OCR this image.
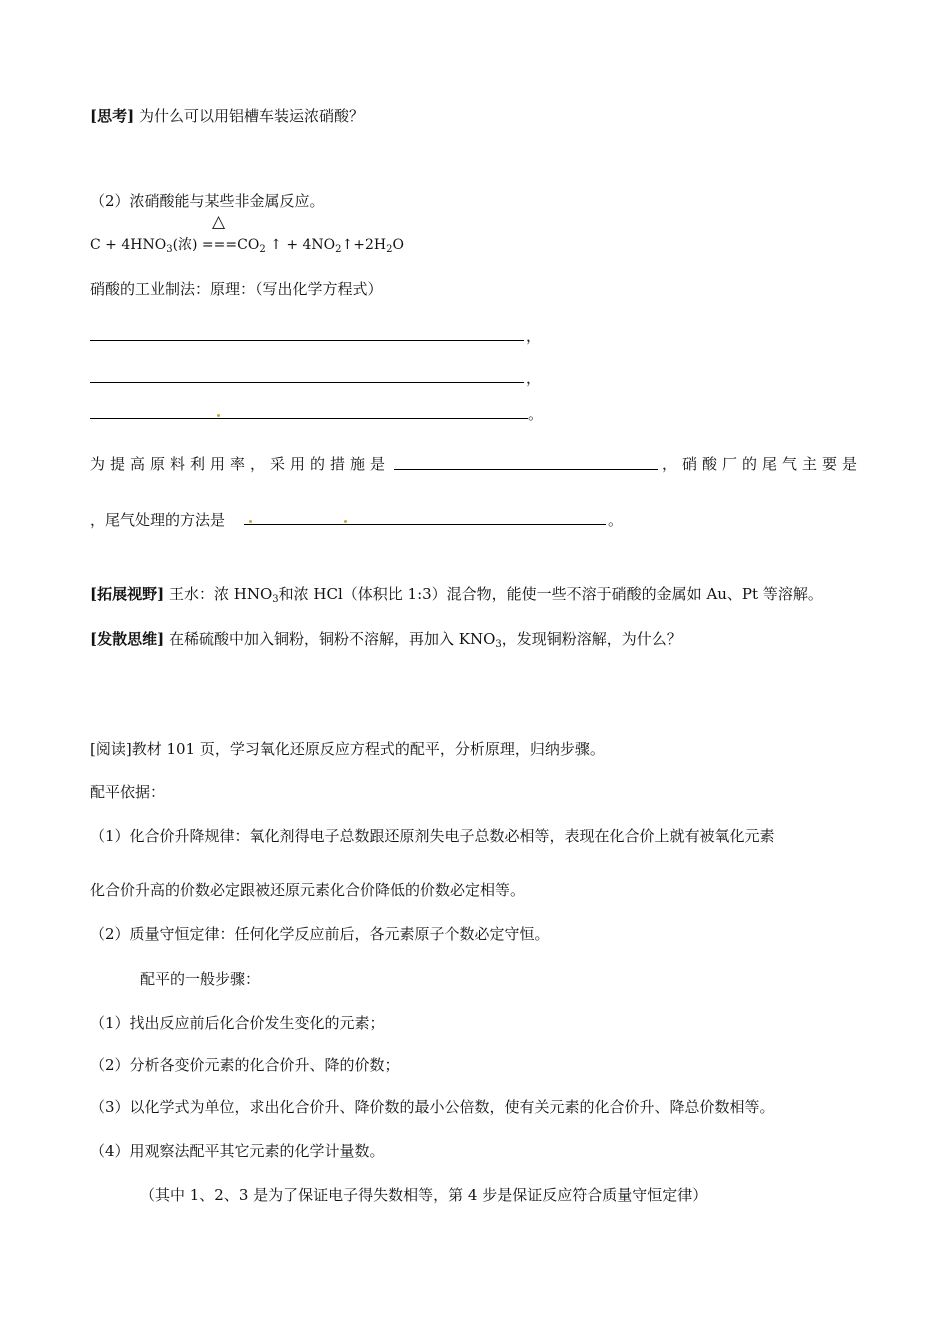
[思考] 为什么可以用铝槽车装运浓硝酸？
（2）浓硝酸能与某些非金属反应。
△
$C + 4HNO_3$(浓) $===CO_2$ ↑ + $4NO_2↑+2H_2O$
硝酸的工业制法：原理：（写出化学方程式）
，
，
。
为提高原料利用率，采用的措施是	，硝酸厂的尾气主要是
，尾气处理的方法是	。
[拓展视野] 王水：浓 $HNO_3$和浓 HCl（体积比 1:3）混合物，能使一些不溶于硝酸的金属如 Au、Pt 等溶解。
[发散思维] 在稀硫酸中加入铜粉，铜粉不溶解，再加入 $KNO_3$，发现铜粉溶解，为什么？
[阅读]教材 101 页，学习氧化还原反应方程式的配平，分析原理，归纳步骤。
配平依据：
（1）化合价升降规律：氧化剂得电子总数跟还原剂失电子总数必相等，表现在化合价上就有被氧化元素
化合价升高的价数必定跟被还原元素化合价降低的价数必定相等。
（2）质量守恒定律：任何化学反应前后，各元素原子个数必定守恒。
配平的一般步骤：
（1）找出反应前后化合价发生变化的元素；
（2）分析各变价元素的化合价升、降的价数；
（3）以化学式为单位，求出化合价升、降价数的最小公倍数，使有关元素的化合价升、降总价数相等。
（4）用观察法配平其它元素的化学计量数。
（其中 1、2、3 是为了保证电子得失数相等，第 4 步是保证反应符合质量守恒定律）
